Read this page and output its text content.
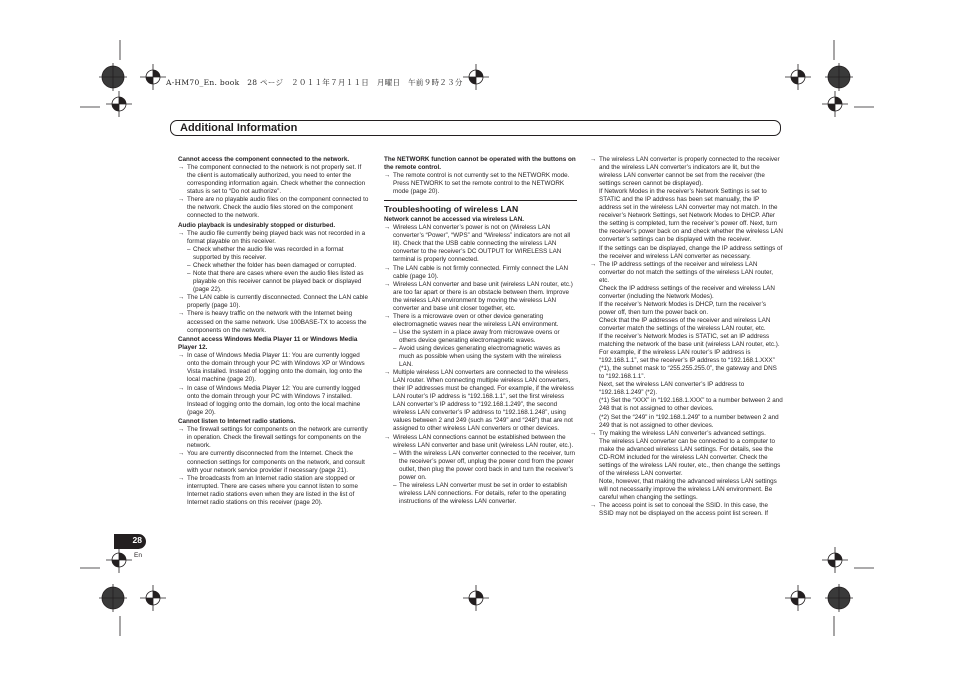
A-HM70_En. book　28 ページ　２０１１年７月１１日　月曜日　午前９時２３分
Additional Information

Cannot access the component connected to the network.

→ The component connected to the network is not properly set. If the client is automatically authorized, you need to enter the corresponding information again. Check whether the connection status is set to “Do not authorize”.

→ There are no playable audio files on the component connected to the network. Check the audio files stored on the component connected to the network.

Audio playback is undesirably stopped or disturbed.

→ The audio file currently being played back was not recorded in a format playable on this receiver.

– Check whether the audio file was recorded in a format supported by this receiver.

– Check whether the folder has been damaged or corrupted.

– Note that there are cases where even the audio files listed as playable on this receiver cannot be played back or displayed (page 22).

→ The LAN cable is currently disconnected. Connect the LAN cable properly (page 10).

→ There is heavy traffic on the network with the Internet being accessed on the same network. Use 100BASE-TX to access the components on the network.

Cannot access Windows Media Player 11 or Windows Media Player 12.

→ In case of Windows Media Player 11: You are currently logged onto the domain through your PC with Windows XP or Windows Vista installed. Instead of logging onto the domain, log onto the local machine (page 20).

→ In case of Windows Media Player 12: You are currently logged onto the domain through your PC with Windows 7 installed. Instead of logging onto the domain, log onto the local machine (page 20).

Cannot listen to Internet radio stations.

→ The firewall settings for components on the network are currently in operation. Check the firewall settings for components on the network.

→ You are currently disconnected from the Internet. Check the connection settings for components on the network, and consult with your network service provider if necessary (page 21).

→ The broadcasts from an Internet radio station are stopped or interrupted. There are cases where you cannot listen to some Internet radio stations even when they are listed in the list of Internet radio stations on this receiver (page 20).

The NETWORK function cannot be operated with the buttons on the remote control.

→ The remote control is not currently set to the NETWORK mode. Press NETWORK to set the remote control to the NETWORK mode (page 20).

Troubleshooting of wireless LAN

Network cannot be accessed via wireless LAN.

→ Wireless LAN converter’s power is not on (Wireless LAN converter’s “Power”, “WPS” and “Wireless” indicators are not all lit). Check that the USB cable connecting the wireless LAN converter to the receiver’s DC OUTPUT for WIRELESS LAN terminal is properly connected.

→ The LAN cable is not firmly connected. Firmly connect the LAN cable (page 10).

→ Wireless LAN converter and base unit (wireless LAN router, etc.) are too far apart or there is an obstacle between them. Improve the wireless LAN environment by moving the wireless LAN converter and base unit closer together, etc.

→ There is a microwave oven or other device generating electromagnetic waves near the wireless LAN environment.

– Use the system in a place away from microwave ovens or others device generating electromagnetic waves.

– Avoid using devices generating electromagnetic waves as much as possible when using the system with the wireless LAN.

→ Multiple wireless LAN converters are connected to the wireless LAN router. When connecting multiple wireless LAN converters, their IP addresses must be changed. For example, if the wireless LAN router’s IP address is “192.168.1.1”, set the first wireless LAN converter’s IP address to “192.168.1.249”, the second wireless LAN converter’s IP address to “192.168.1.248”, using values between 2 and 249 (such as “249” and “248”) that are not assigned to other wireless LAN converters or other devices.

→ Wireless LAN connections cannot be established between the wireless LAN converter and base unit (wireless LAN router, etc.).

– With the wireless LAN converter connected to the receiver, turn the receiver’s power off, unplug the power cord from the power outlet, then plug the power cord back in and turn the receiver’s power on.

– The wireless LAN converter must be set in order to establish wireless LAN connections. For details, refer to the operating instructions of the wireless LAN converter.

→ The wireless LAN converter is properly connected to the receiver and the wireless LAN converter’s indicators are lit, but the wireless LAN converter cannot be set from the receiver (the settings screen cannot be displayed).

If Network Modes in the receiver’s Network Settings is set to STATIC and the IP address has been set manually, the IP address set in the wireless LAN converter may not match. In the receiver’s Network Settings, set Network Modes to DHCP. After the setting is completed, turn the receiver’s power off. Next, turn the receiver’s power back on and check whether the wireless LAN converter’s settings can be displayed with the receiver.

If the settings can be displayed, change the IP address settings of the receiver and wireless LAN converter as necessary.

→ The IP address settings of the receiver and wireless LAN converter do not match the settings of the wireless LAN router, etc.

Check the IP address settings of the receiver and wireless LAN converter (including the Network Modes).

If the receiver’s Network Modes is DHCP, turn the receiver’s power off, then turn the power back on.

Check that the IP addresses of the receiver and wireless LAN converter match the settings of the wireless LAN router, etc.

If the receiver’s Network Modes is STATIC, set an IP address matching the network of the base unit (wireless LAN router, etc.).

For example, if the wireless LAN router’s IP address is “192.168.1.1”, set the receiver’s IP address to “192.168.1.XXX” (*1), the subnet mask to “255.255.255.0”, the gateway and DNS to “192.168.1.1”.

Next, set the wireless LAN converter’s IP address to “192.168.1.249” (*2).

(*1) Set the “XXX” in “192.168.1.XXX” to a number between 2 and 248 that is not assigned to other devices.

(*2) Set the “249” in “192.168.1.249” to a number between 2 and 249 that is not assigned to other devices.

→ Try making the wireless LAN converter’s advanced settings.

The wireless LAN converter can be connected to a computer to make the advanced wireless LAN settings. For details, see the CD-ROM included for the wireless LAN converter. Check the settings of the wireless LAN router, etc., then change the settings of the wireless LAN converter.

Note, however, that making the advanced wireless LAN settings will not necessarily improve the wireless LAN environment. Be careful when changing the settings.

→ The access point is set to conceal the SSID. In this case, the SSID may not be displayed on the access point list screen. If

28
En
